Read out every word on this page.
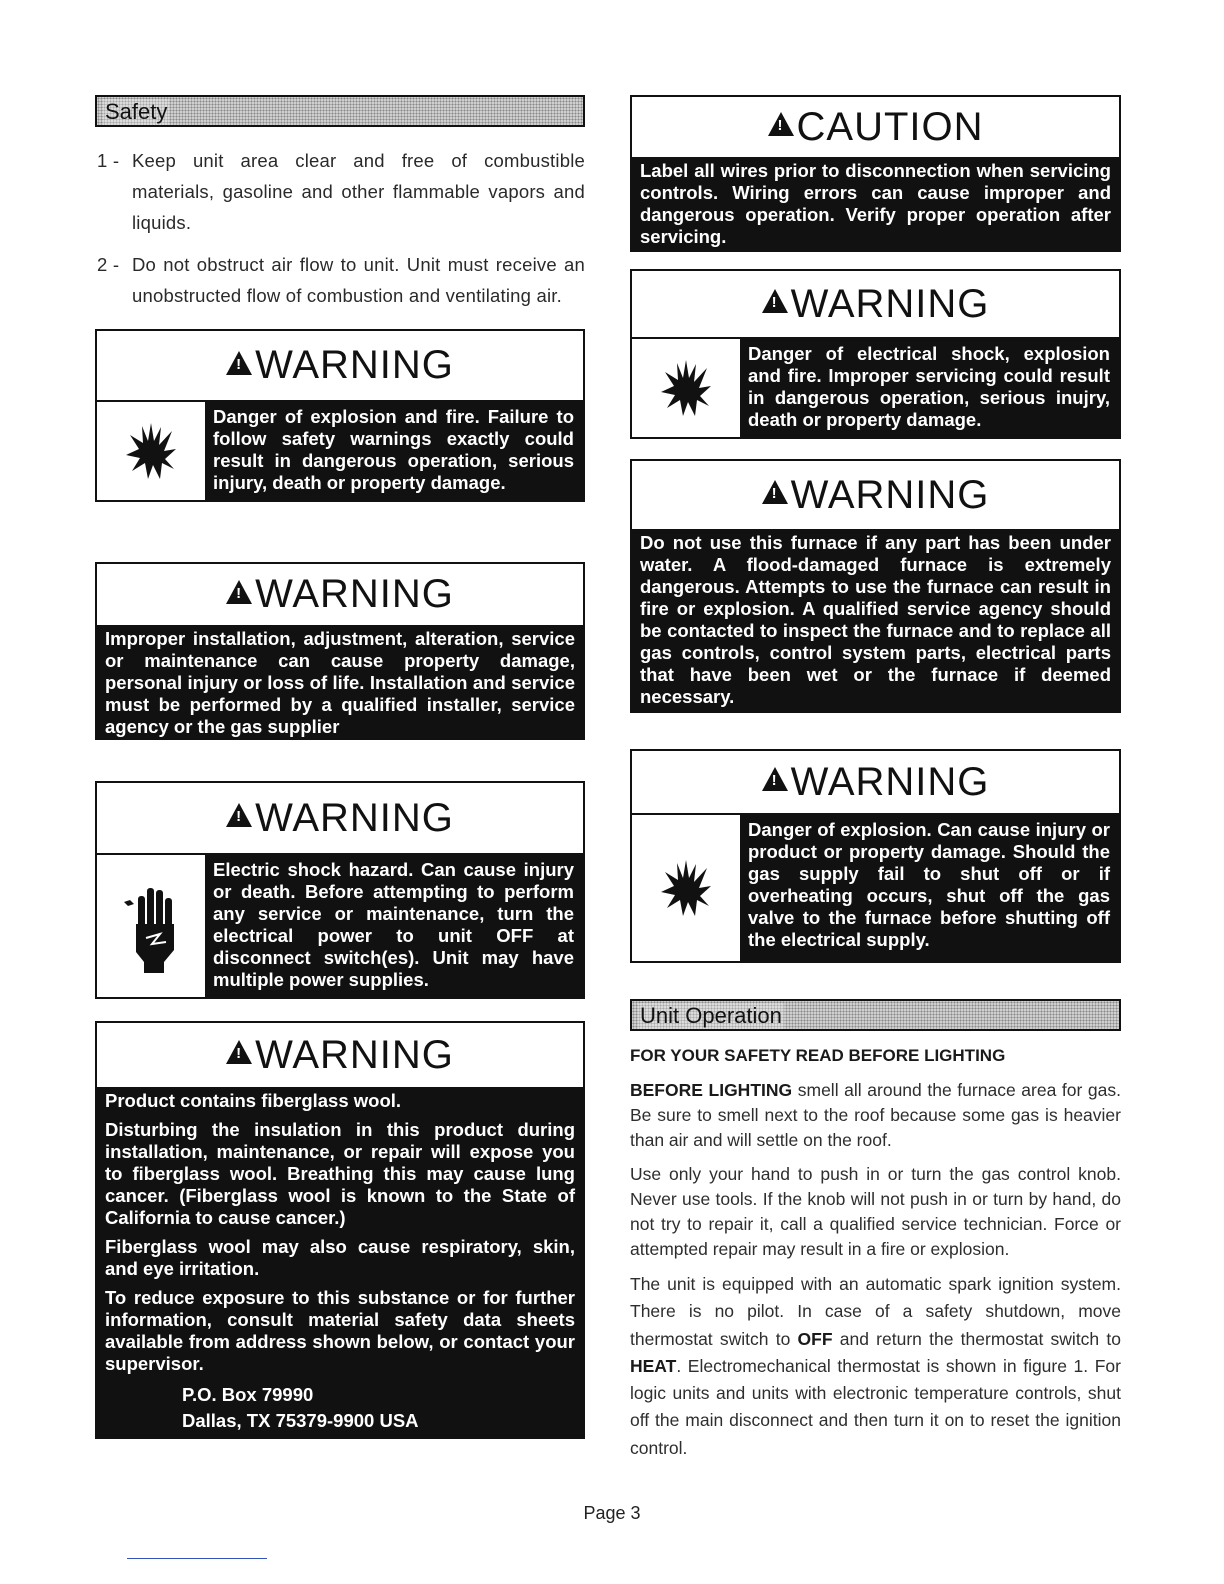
Safety
1 - Keep unit area clear and free of combustible materials, gasoline and other flammable vapors and liquids.
2 - Do not obstruct air flow to unit. Unit must receive an unobstructed flow of combustion and ventilating air.
!
WARNING
Danger of explosion and fire. Failure to follow safety warnings exactly could result in dangerous operation, serious injury, death or property damage.
!
WARNING
Improper installation, adjustment, alteration, service or maintenance can cause property damage, personal injury or loss of life. Installation and service must be performed by a qualified installer, service agency or the gas supplier
!
WARNING
Electric shock hazard. Can cause injury or death. Before attempting to perform any service or maintenance, turn the electrical power to unit OFF at disconnect switch(es). Unit may have multiple power supplies.
!
WARNING

Product contains fiberglass wool.

Disturbing the insulation in this product during installation, maintenance, or repair will expose you to fiberglass wool. Breathing this may cause lung cancer. (Fiberglass wool is known to the State of California to cause cancer.)

Fiberglass wool may also cause respiratory, skin, and eye irritation.

To reduce exposure to this substance or for further information, consult material safety data sheets available from address shown below, or contact your supervisor.

P.O. Box 79990
Dallas, TX 75379-9900 USA
!
CAUTION
Label all wires prior to disconnection when servicing controls. Wiring errors can cause improper and dangerous operation. Verify proper operation after servicing.
!
WARNING
Danger of electrical shock, explosion and fire. Improper servicing could result in dangerous operation, serious inujry, death or property damage.
!
WARNING
Do not use this furnace if any part has been under water. A flood-damaged furnace is extremely dangerous. Attempts to use the furnace can result in fire or explosion. A qualified service agency should be contacted to inspect the furnace and to replace all gas controls, control system parts, electrical parts that have been wet or the furnace if deemed necessary.
!
WARNING
Danger of explosion. Can cause injury or product or property damage. Should the gas supply fail to shut off or if overheating occurs, shut off the gas valve to the furnace before shutting off the electrical supply.
Unit Operation
FOR YOUR SAFETY READ BEFORE LIGHTING

BEFORE LIGHTING smell all around the furnace area for gas. Be sure to smell next to the roof because some gas is heavier than air and will settle on the roof.

Use only your hand to push in or turn the gas control knob. Never use tools. If the knob will not push in or turn by hand, do not try to repair it, call a qualified service technician. Force or attempted repair may result in a fire or explosion.

The unit is equipped with an automatic spark ignition system. There is no pilot. In case of a safety shutdown, move thermostat switch to OFF and return the thermostat switch to HEAT. Electromechanical thermostat is shown in figure 1. For logic units and units with electronic temperature controls, shut off the main disconnect and then turn it on to reset the ignition control.

Page 3
